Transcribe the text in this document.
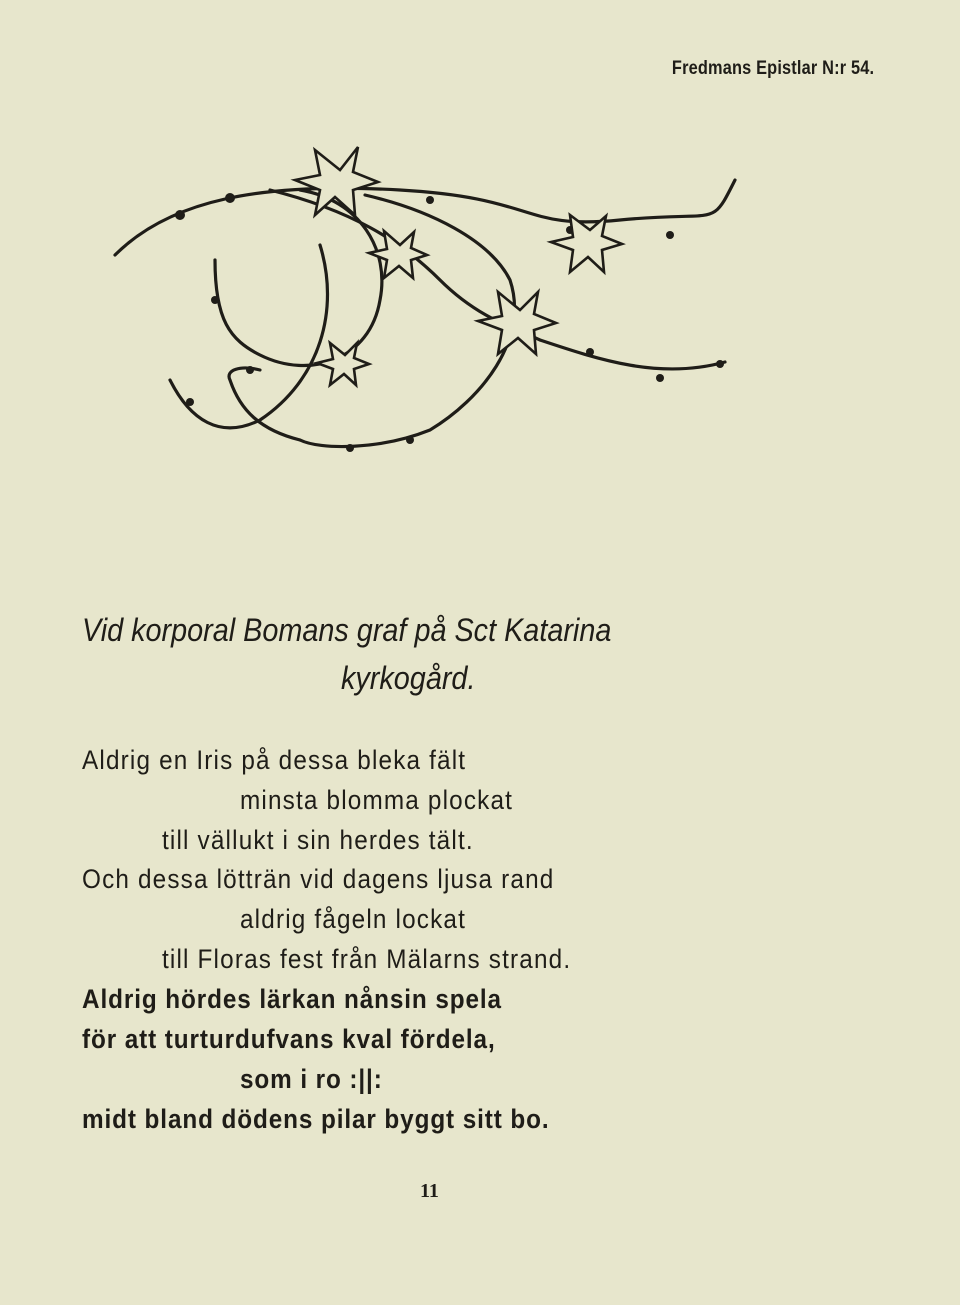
Fredmans Epistlar N:r 54.
Vid korporal Bomans graf på Sct Katarina
kyrkogård.
Aldrig en Iris på dessa bleka fält
minsta blomma plockat
till vällukt i sin herdes tält.
Och dessa lötträn vid dagens ljusa rand
aldrig fågeln lockat
till Floras fest från Mälarns strand.
Aldrig hördes lärkan nånsin spela
för att turturdufvans kval fördela,
som i ro :||:
midt bland dödens pilar byggt sitt bo.
11
